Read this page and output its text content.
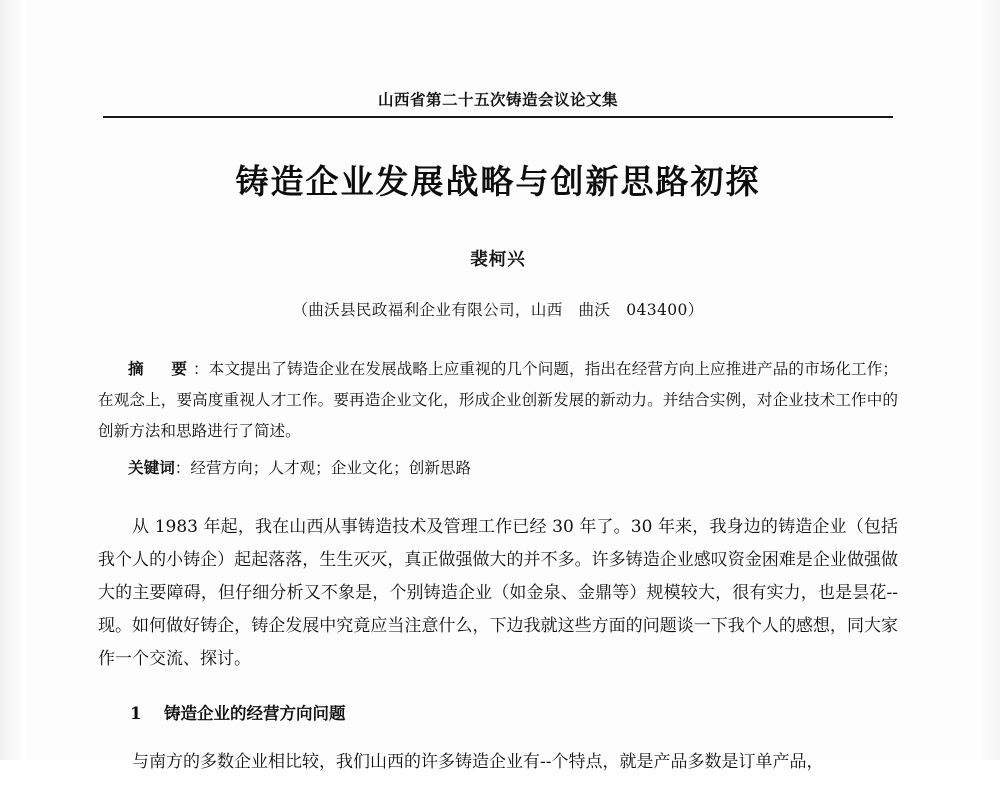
山西省第二十五次铸造会议论文集
铸造企业发展战略与创新思路初探
裴柯兴
（曲沃县民政福利企业有限公司，山西　曲沃　043400）
摘　要：本文提出了铸造企业在发展战略上应重视的几个问题，指出在经营方向上应推进产品的市场化工作；在观念上，要高度重视人才工作。要再造企业文化，形成企业创新发展的新动力。并结合实例，对企业技术工作中的创新方法和思路进行了简述。
关键词：经营方向；人才观；企业文化；创新思路

从 1983 年起，我在山西从事铸造技术及管理工作已经 30 年了。30 年来，我身边的铸造企业（包括我个人的小铸企）起起落落，生生灭灭，真正做强做大的并不多。许多铸造企业感叹资金困难是企业做强做大的主要障碍，但仔细分析又不象是，个别铸造企业（如金泉、金鼎等）规模较大，很有实力，也是昙花--现。如何做好铸企，铸企发展中究竟应当注意什么，下边我就这些方面的问题谈一下我个人的感想，同大家作一个交流、探讨。

1 铸造企业的经营方向问题

与南方的多数企业相比较，我们山西的许多铸造企业有--个特点，就是产品多数是订单产品，
